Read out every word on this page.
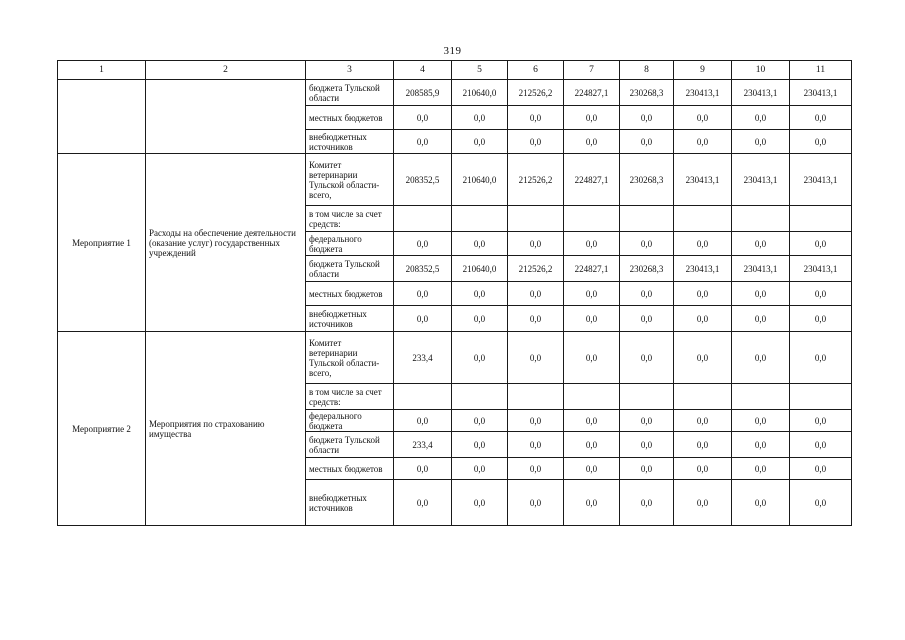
319
1	2	3	4	5	6	7	8	9	10	11
		бюджета Тульской области	208585,9	210640,0	212526,2	224827,1	230268,3	230413,1	230413,1	230413,1
		местных бюджетов	0,0	0,0	0,0	0,0	0,0	0,0	0,0	0,0
		внебюджетных источников	0,0	0,0	0,0	0,0	0,0	0,0	0,0	0,0
Мероприятие 1	Расходы на обеспечение деятельности (оказание услуг) государственных учреждений	Комитет ветеринарии Тульской области-всего,	208352,5	210640,0	212526,2	224827,1	230268,3	230413,1	230413,1	230413,1
		в том числе за счет средств:								
		федерального бюджета	0,0	0,0	0,0	0,0	0,0	0,0	0,0	0,0
		бюджета Тульской области	208352,5	210640,0	212526,2	224827,1	230268,3	230413,1	230413,1	230413,1
		местных бюджетов	0,0	0,0	0,0	0,0	0,0	0,0	0,0	0,0
		внебюджетных источников	0,0	0,0	0,0	0,0	0,0	0,0	0,0	0,0
Мероприятие 2	Мероприятия по страхованию имущества	Комитет ветеринарии Тульской области-всего,	233,4	0,0	0,0	0,0	0,0	0,0	0,0	0,0
		в том числе за счет средств:								
		федерального бюджета	0,0	0,0	0,0	0,0	0,0	0,0	0,0	0,0
		бюджета Тульской области	233,4	0,0	0,0	0,0	0,0	0,0	0,0	0,0
		местных бюджетов	0,0	0,0	0,0	0,0	0,0	0,0	0,0	0,0
		внебюджетных источников	0,0	0,0	0,0	0,0	0,0	0,0	0,0	0,0
